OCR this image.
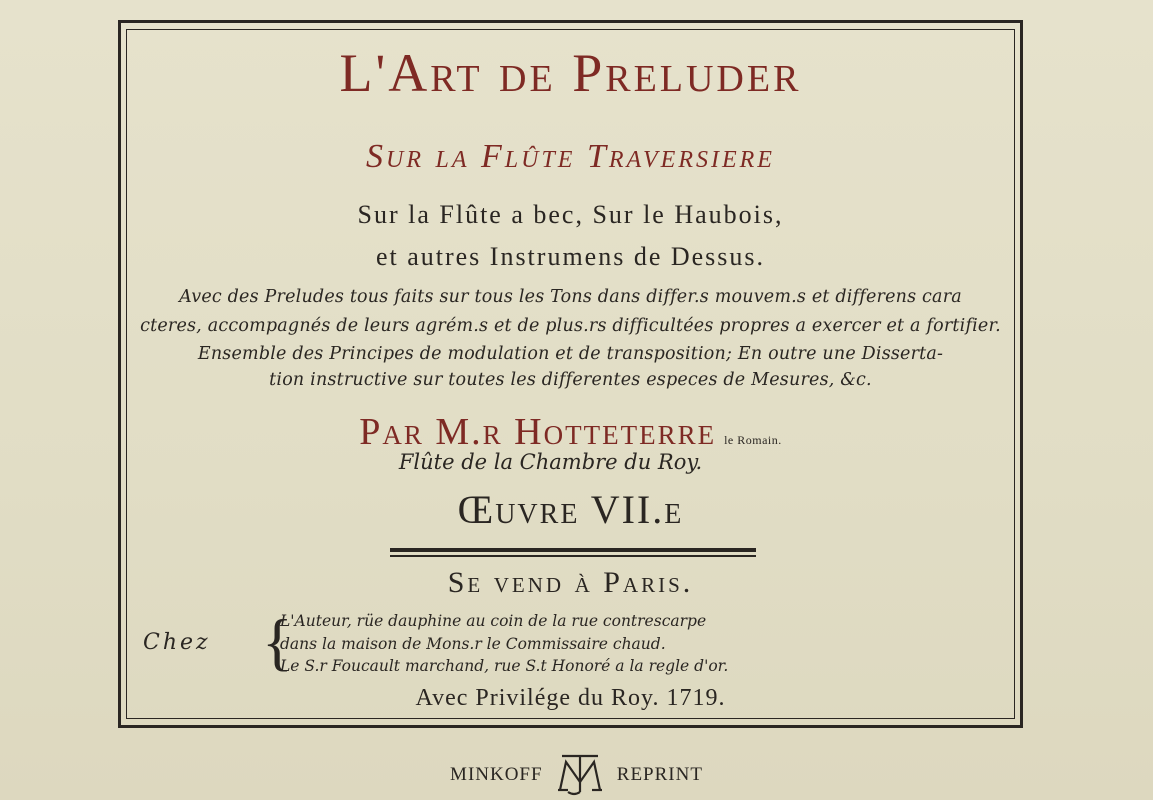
L'Art de Preluder
Sur la Flûte Traversiere
Sur la Flûte a bec, Sur le Haubois,
et autres Instrumens de Dessus.
Avec des Preludes tous faits sur tous les Tons dans differ.s mouvem.s et differens cara
cteres, accompagnés de leurs agrém.s et de plus.rs difficultées propres a exercer et a fortifier.
Ensemble des Principes de modulation et de transposition; En outre une Disserta-
tion instructive sur toutes les differentes especes de Mesures, &c.
Par M.r Hotteterre le Romain.
Flûte de la Chambre du Roy.
Œuvre VII.e
Se vend à Paris.
Chez {
L'Auteur, rüe dauphine au coin de la rue contrescarpe
dans la maison de Mons.r le Commissaire chaud.
Le S.r Foucault marchand, rue S.t Honoré a la regle d'or.
Avec Privilége du Roy. 1719.
MINKOFF	REPRINT
